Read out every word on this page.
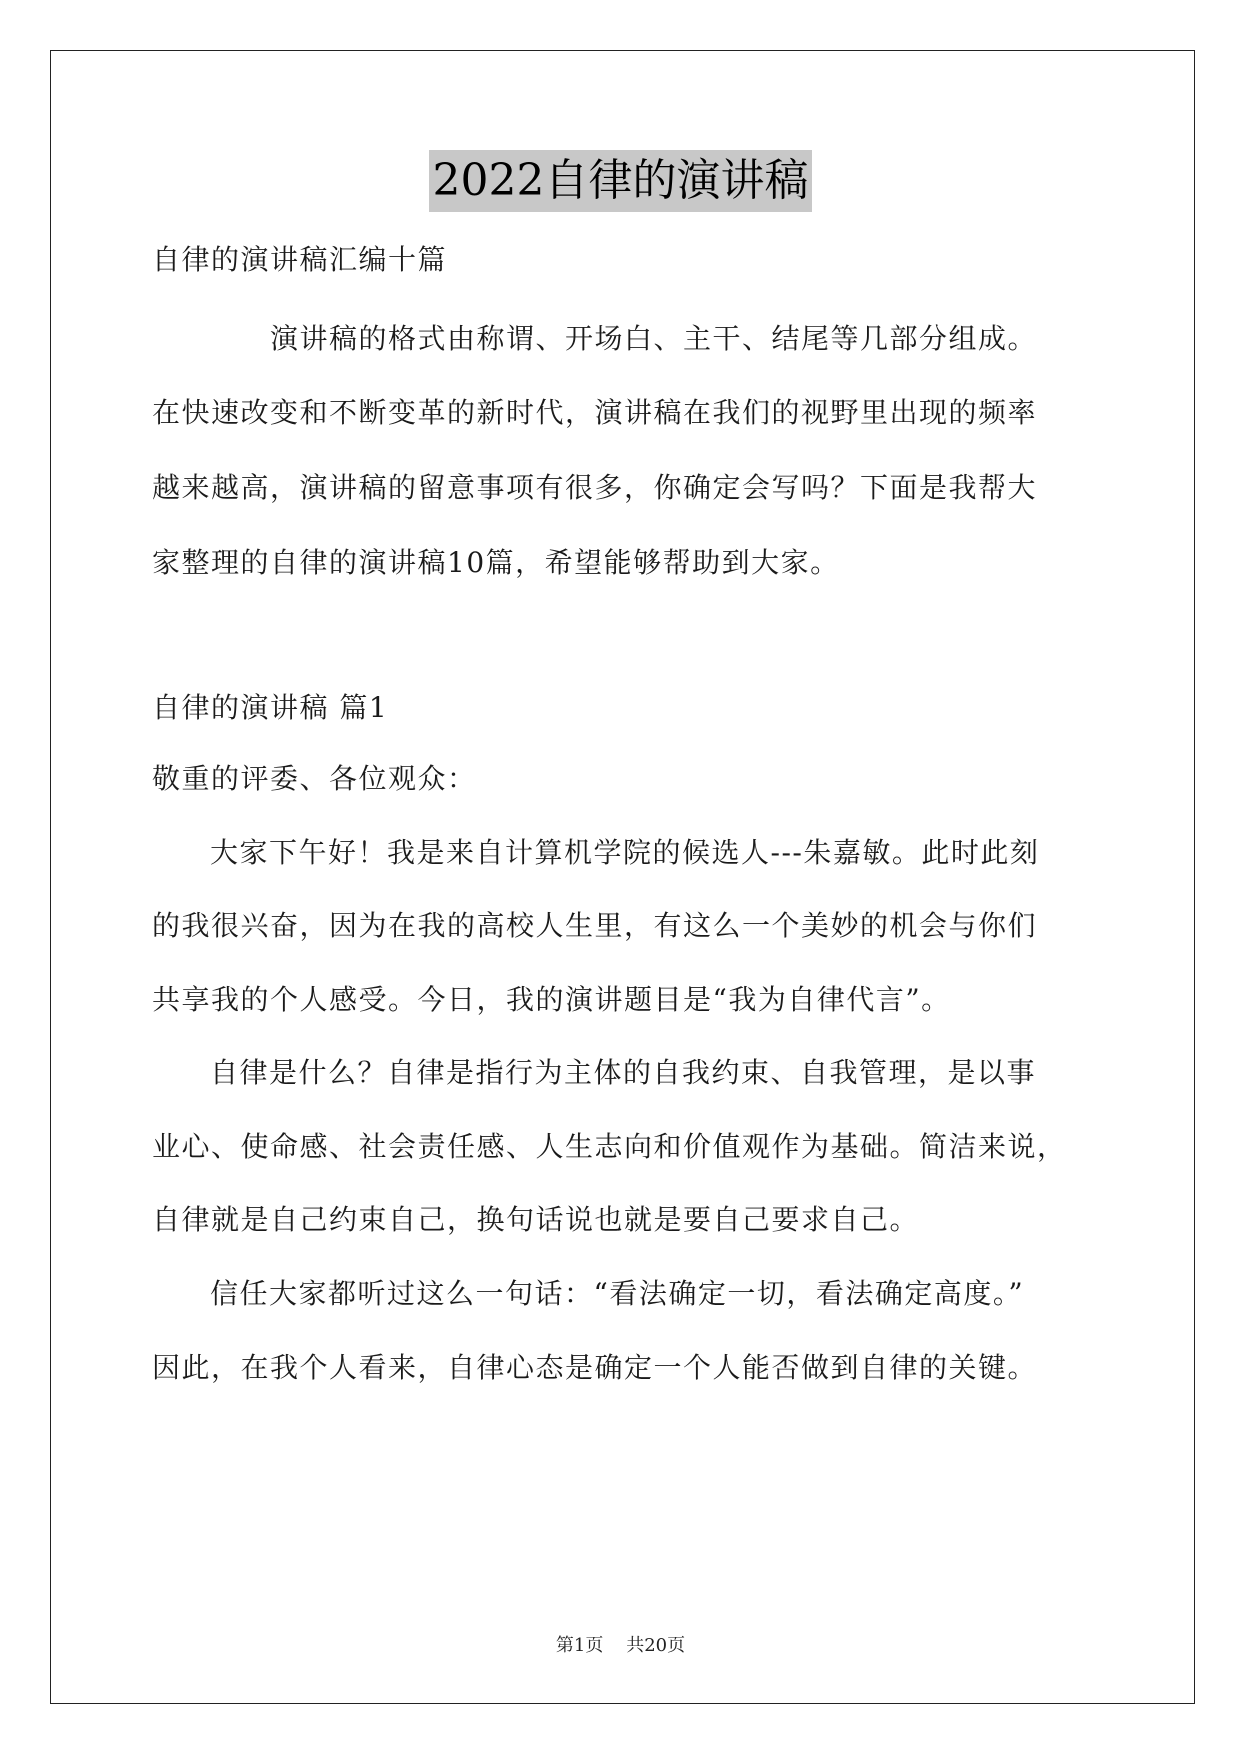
2022自律的演讲稿
自律的演讲稿汇编十篇
演讲稿的格式由称谓、开场白、主干、结尾等几部分组成。
在快速改变和不断变革的新时代，演讲稿在我们的视野里出现的频率
越来越高，演讲稿的留意事项有很多，你确定会写吗？下面是我帮大
家整理的自律的演讲稿10篇，希望能够帮助到大家。
自律的演讲稿 篇1
敬重的评委、各位观众：
大家下午好！我是来自计算机学院的候选人---朱嘉敏。此时此刻
的我很兴奋，因为在我的高校人生里，有这么一个美妙的机会与你们
共享我的个人感受。今日，我的演讲题目是“我为自律代言”。
自律是什么？自律是指行为主体的自我约束、自我管理，是以事
业心、使命感、社会责任感、人生志向和价值观作为基础。简洁来说，
自律就是自己约束自己，换句话说也就是要自己要求自己。
信任大家都听过这么一句话：“看法确定一切，看法确定高度。”
因此，在我个人看来，自律心态是确定一个人能否做到自律的关键。
第1页 共20页
